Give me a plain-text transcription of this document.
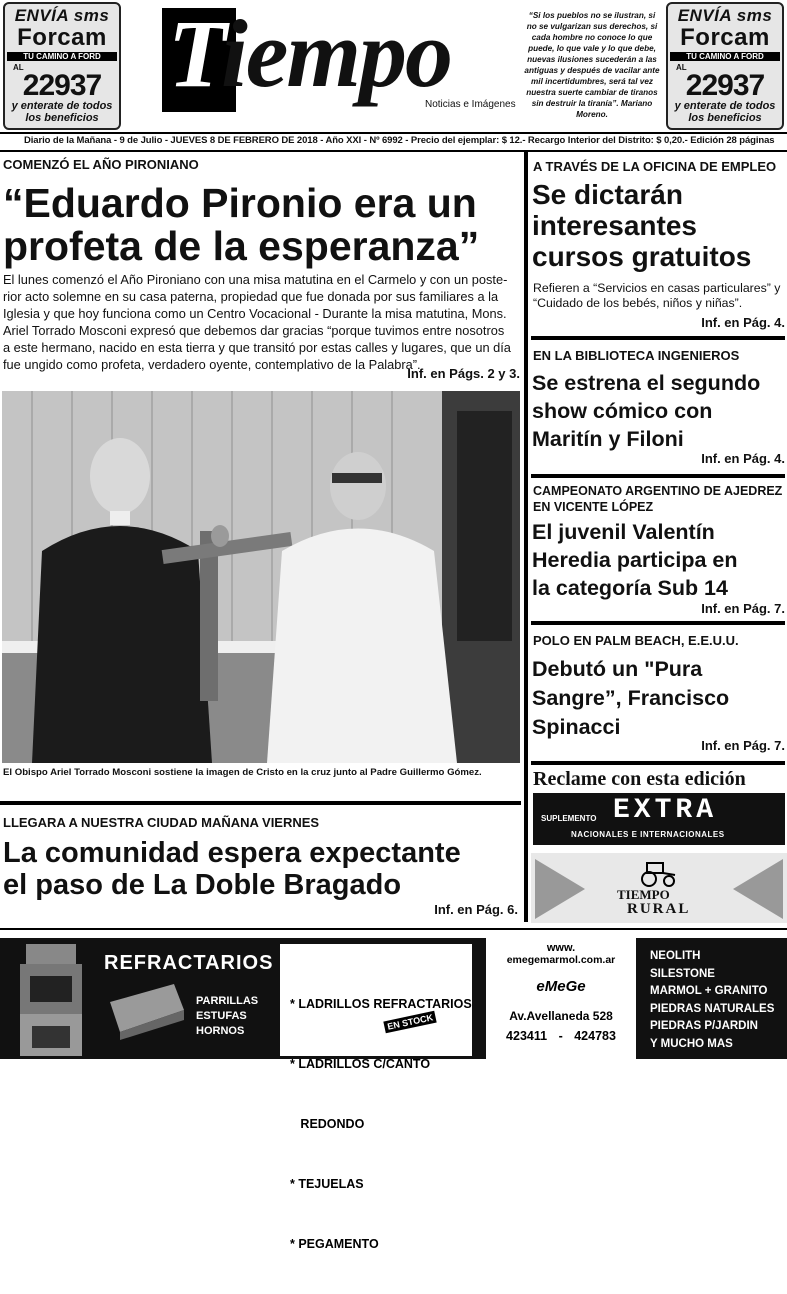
ENVÍA sms
Forcam
TU CAMINO A FORD
AL
22937
y enterate de todos
los beneficios
Tiempo
Noticias e Imágenes
“Si los pueblos no se ilustran, si no se vulgarizan sus derechos, si cada hombre no conoce lo que puede, lo que vale y lo que debe, nuevas ilusiones sucederán a las antiguas y después de vacilar ante mil incertidumbres, será tal vez nuestra suerte cambiar de tiranos sin destruir la tiranía”. Mariano Moreno.
ENVÍA sms
Forcam
TU CAMINO A FORD
AL
22937
y enterate de todos
los beneficios
Diario de la Mañana - 9 de Julio - JUEVES 8 DE FEBRERO DE 2018 - Año XXI - Nº 6992 - Precio del ejemplar: $ 12.- Recargo Interior del Distrito: $ 0,20.- Edición 28 páginas
COMENZÓ EL AÑO PIRONIANO
“Eduardo Pironio era un
profeta de la esperanza”
El lunes comenzó el Año Pironiano con una misa matutina en el Carmelo y con un poste-
rior acto solemne en su casa paterna, propiedad que fue donada por sus familiares a la
Iglesia y que hoy funciona como un Centro Vocacional - Durante la misa matutina, Mons.
Ariel Torrado Mosconi expresó que debemos dar gracias “porque tuvimos entre nosotros
a este hermano, nacido en esta tierra y que transitó por estas calles y lugares, que un día
fue ungido como profeta, verdadero oyente, contemplativo de la Palabra”.
Inf. en Págs. 2 y 3.
El Obispo Ariel Torrado Mosconi sostiene la imagen de Cristo en la cruz junto al Padre Guillermo Gómez.
LLEGARA A NUESTRA CIUDAD MAÑANA VIERNES
La comunidad espera expectante
el paso de La Doble Bragado
Inf. en Pág. 6.
A TRAVÉS DE LA OFICINA DE EMPLEO
Se dictarán
interesantes
cursos gratuitos
Refieren a “Servicios en casas particulares” y
“Cuidado de los bebés, niños y niñas”.
Inf. en Pág. 4.
EN LA BIBLIOTECA INGENIEROS
Se estrena el segundo
show cómico con
Maritín y Filoni
Inf. en Pág. 4.
CAMPEONATO ARGENTINO DE AJEDREZ
EN VICENTE LÓPEZ
El juvenil Valentín
Heredia participa en
la categoría Sub 14
Inf. en Pág. 7.
POLO EN PALM BEACH, E.E.U.U.
Debutó un "Pura
Sangre”, Francisco
Spinacci
Inf. en Pág. 7.
Reclame con esta edición
SUPLEMENTO EXTRA
NACIONALES E INTERNACIONALES
TIEMPO
RURAL
REFRACTARIOS
PARRILLAS
ESTUFAS
HORNOS

* LADRILLOS REFRACTARIOS

* LADRILLOS C/CANTO

REDONDO

* TEJUELAS

* PEGAMENTO

EN STOCK
www.
emegemarmol.com.ar
eMeGe
Av.Avellaneda 528
423411 - 424783
NEOLITH
SILESTONE
MARMOL + GRANITO
PIEDRAS NATURALES
PIEDRAS P/JARDIN
Y MUCHO MAS
